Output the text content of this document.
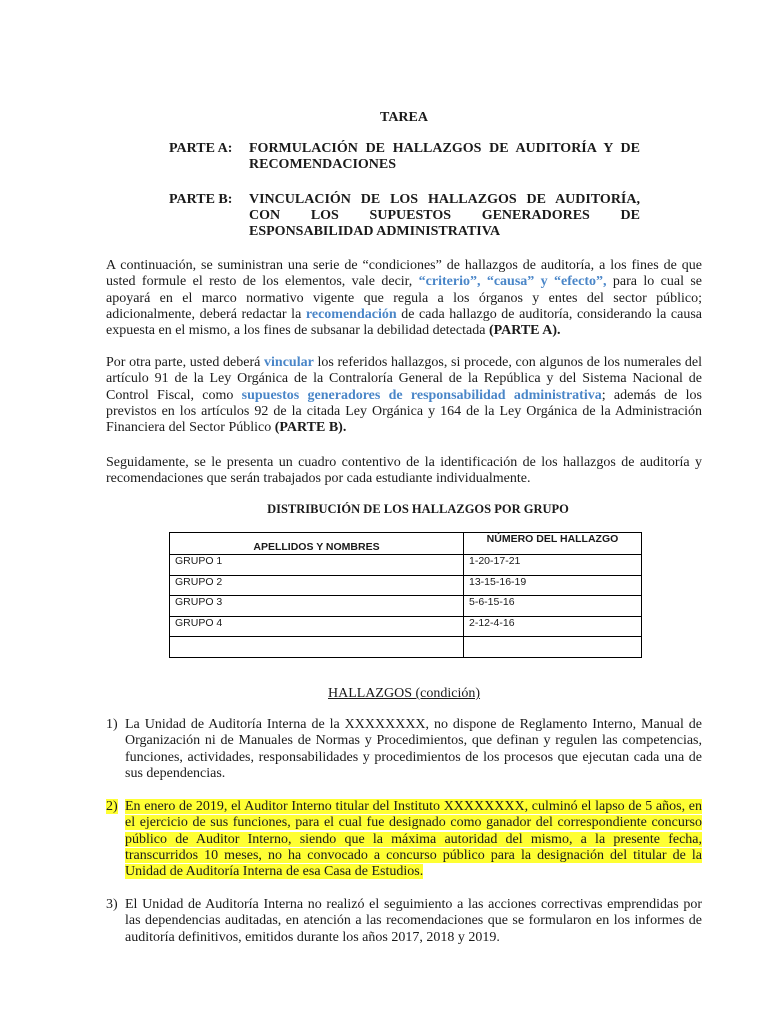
TAREA
PARTE A:	FORMULACIÓN DE HALLAZGOS DE AUDITORÍA Y DE RECOMENDACIONES
PARTE B:	VINCULACIÓN DE LOS HALLAZGOS DE AUDITORÍA, CON LOS SUPUESTOS GENERADORES DE ESPONSABILIDAD ADMINISTRATIVA
A continuación, se suministran una serie de “condiciones” de hallazgos de auditoría, a los fines de que usted formule el resto de los elementos, vale decir, “criterio”, “causa” y “efecto”, para lo cual se apoyará en el marco normativo vigente que regula a los órganos y entes del sector público; adicionalmente, deberá redactar la recomendación de cada hallazgo de auditoría, considerando la causa expuesta en el mismo, a los fines de subsanar la debilidad detectada (PARTE A).
Por otra parte, usted deberá vincular los referidos hallazgos, si procede, con algunos de los numerales del artículo 91 de la Ley Orgánica de la Contraloría General de la República y del Sistema Nacional de Control Fiscal, como supuestos generadores de responsabilidad administrativa; además de los previstos en los artículos 92 de la citada Ley Orgánica y 164 de la Ley Orgánica de la Administración Financiera del Sector Público (PARTE B).
Seguidamente, se le presenta un cuadro contentivo de la identificación de los hallazgos de auditoría y recomendaciones que serán trabajados por cada estudiante individualmente.
DISTRIBUCIÓN DE LOS HALLAZGOS POR GRUPO
APELLIDOS Y NOMBRES	NÚMERO DEL HALLAZGO
GRUPO 1	1-20-17-21
GRUPO 2	13-15-16-19
GRUPO 3	5-6-15-16
GRUPO 4	2-12-4-16

HALLAZGOS (condición)
1) La Unidad de Auditoría Interna de la XXXXXXXX, no dispone de Reglamento Interno, Manual de Organización ni de Manuales de Normas y Procedimientos, que definan y regulen las competencias, funciones, actividades, responsabilidades y procedimientos de los procesos que ejecutan cada una de sus dependencias.
2) En enero de 2019, el Auditor Interno titular del Instituto XXXXXXXX, culminó el lapso de 5 años, en el ejercicio de sus funciones, para el cual fue designado como ganador del correspondiente concurso público de Auditor Interno, siendo que la máxima autoridad del mismo, a la presente fecha, transcurridos 10 meses, no ha convocado a concurso público para la designación del titular de la Unidad de Auditoría Interna de esa Casa de Estudios.
3) El Unidad de Auditoría Interna no realizó el seguimiento a las acciones correctivas emprendidas por las dependencias auditadas, en atención a las recomendaciones que se formularon en los informes de auditoría definitivos, emitidos durante los años 2017, 2018 y 2019.
